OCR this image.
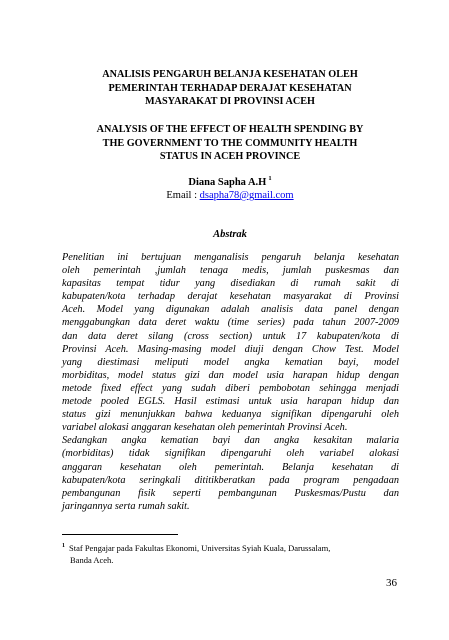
ANALISIS PENGARUH BELANJA KESEHATAN OLEH
PEMERINTAH TERHADAP DERAJAT KESEHATAN
MASYARAKAT DI PROVINSI ACEH
ANALYSIS OF THE EFFECT OF HEALTH SPENDING BY
THE GOVERNMENT TO THE COMMUNITY HEALTH
STATUS IN ACEH PROVINCE
Diana Sapha A.H $^1$
Email : dsapha78@gmail.com
Abstrak
Penelitian ini bertujuan menganalisis pengaruh belanja kesehatan
oleh pemerintah ,jumlah tenaga medis, jumlah puskesmas dan
kapasitas tempat tidur yang disediakan di rumah sakit di
kabupaten/kota terhadap derajat kesehatan masyarakat di Provinsi
Aceh. Model yang digunakan adalah analisis data panel dengan
menggabungkan data deret waktu (time series) pada tahun 2007-2009
dan data deret silang (cross section) untuk 17 kabupaten/kota di
Provinsi Aceh. Masing-masing model diuji dengan Chow Test. Model
yang diestimasi meliputi model angka kematian bayi, model
morbiditas, model status gizi dan model usia harapan hidup dengan
metode fixed effect yang sudah diberi pembobotan sehingga menjadi
metode pooled EGLS. Hasil estimasi untuk usia harapan hidup dan
status gizi menunjukkan bahwa keduanya signifikan dipengaruhi oleh
variabel alokasi anggaran kesehatan oleh pemerintah Provinsi Aceh.
Sedangkan angka kematian bayi dan angka kesakitan malaria
(morbiditas) tidak signifikan dipengaruhi oleh variabel alokasi
anggaran kesehatan oleh pemerintah. Belanja kesehatan di
kabupaten/kota seringkali dititikberatkan pada program pengadaan
pembangunan fisik seperti pembangunan Puskesmas/Pustu dan
jaringannya serta rumah sakit.
$^1$ Staf Pengajar pada Fakultas Ekonomi, Universitas Syiah Kuala, Darussalam,
Banda Aceh.
36
